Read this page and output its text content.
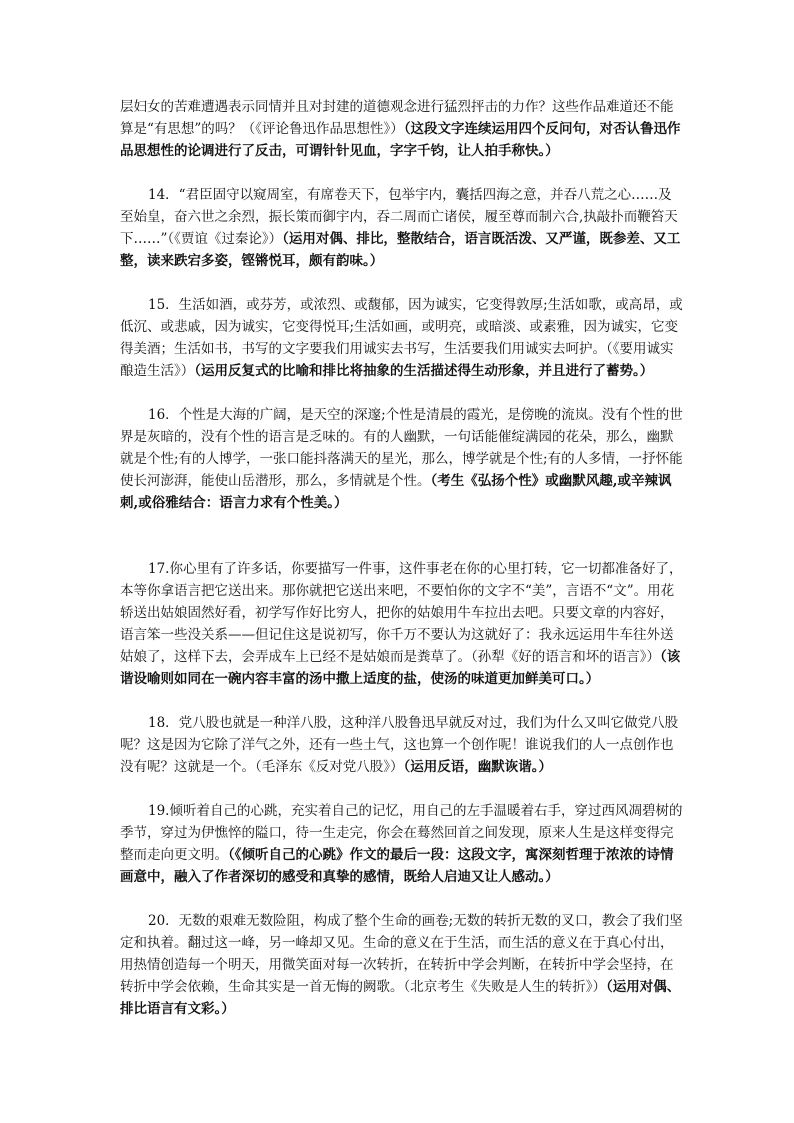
层妇女的苦难遭遇表示同情并且对封建的道德观念进行猛烈抨击的力作？这些作品难道还不能算是“有思想”的吗？（《评论鲁迅作品思想性》）（这段文字连续运用四个反问句，对否认鲁迅作品思想性的论调进行了反击，可谓针针见血，字字千钧，让人拍手称快。）

14．“君臣固守以窥周室，有席卷天下，包举宇内，囊括四海之意，并吞八荒之心……及至始皇，奋六世之余烈，振长策而御宇内，吞二周而亡诸侯，履至尊而制六合,执敲扑而鞭笞天下……”（《贾谊《过秦论》）（运用对偶、排比，整散结合，语言既活泼、又严谨，既参差、又工整，读来跌宕多姿，铿锵悦耳，颇有韵味。）

15．生活如酒，或芬芳，或浓烈、或馥郁，因为诚实，它变得敦厚;生活如歌，或高昂，或低沉、或悲戚，因为诚实，它变得悦耳;生活如画，或明亮，或暗淡、或素雅，因为诚实，它变得美酒；生活如书，书写的文字要我们用诚实去书写，生活要我们用诚实去呵护。（《要用诚实酿造生活》）（运用反复式的比喻和排比将抽象的生活描述得生动形象，并且进行了蓄势。）

16．个性是大海的广阔，是天空的深邃;个性是清晨的霞光，是傍晚的流岚。没有个性的世界是灰暗的，没有个性的语言是乏味的。有的人幽默，一句话能催绽满园的花朵，那么，幽默就是个性;有的人博学，一张口能抖落满天的星光，那么，博学就是个性;有的人多情，一抒怀能使长河澎湃，能使山岳潜形，那么，多情就是个性。（考生《弘扬个性》或幽默风趣,或辛辣讽刺,或俗雅结合：语言力求有个性美。）

17.你心里有了许多话，你要描写一件事，这件事老在你的心里打转，它一切都准备好了，本等你拿语言把它送出来。那你就把它送出来吧，不要怕你的文字不“美”，言语不“文”。用花轿送出姑娘固然好看，初学写作好比穷人，把你的姑娘用牛车拉出去吧。只要文章的内容好，语言笨一些没关系——但记住这是说初写，你千万不要认为这就好了：我永远运用牛车往外送姑娘了，这样下去，会弄成车上已经不是姑娘而是粪草了。（孙犁《好的语言和坏的语言》）（该谐设喻则如同在一碗内容丰富的汤中撒上适度的盐，使汤的味道更加鲜美可口。）

18．党八股也就是一种洋八股，这种洋八股鲁迅早就反对过，我们为什么又叫它做党八股呢？这是因为它除了洋气之外，还有一些土气，这也算一个创作呢！谁说我们的人一点创作也没有呢？这就是一个。（毛泽东《反对党八股》）（运用反语，幽默诙谐。）

19.倾听着自己的心跳，充实着自己的记忆，用自己的左手温暖着右手，穿过西风凋碧树的季节，穿过为伊憔悴的隘口，待一生走完，你会在蓦然回首之间发现，原来人生是这样变得完整而走向更文明。（《倾听自己的心跳》作文的最后一段：这段文字，寓深刻哲理于浓浓的诗情画意中，融入了作者深切的感受和真挚的感情，既给人启迪又让人感动。）

20．无数的艰难无数险阻，构成了整个生命的画卷;无数的转折无数的叉口，教会了我们坚定和执着。翻过这一峰，另一峰却又见。生命的意义在于生活，而生活的意义在于真心付出，用热情创造每一个明天，用微笑面对每一次转折，在转折中学会判断，在转折中学会坚持，在转折中学会依赖，生命其实是一首无悔的阙歌。（北京考生《失败是人生的转折》）（运用对偶、排比语言有文彩。）
